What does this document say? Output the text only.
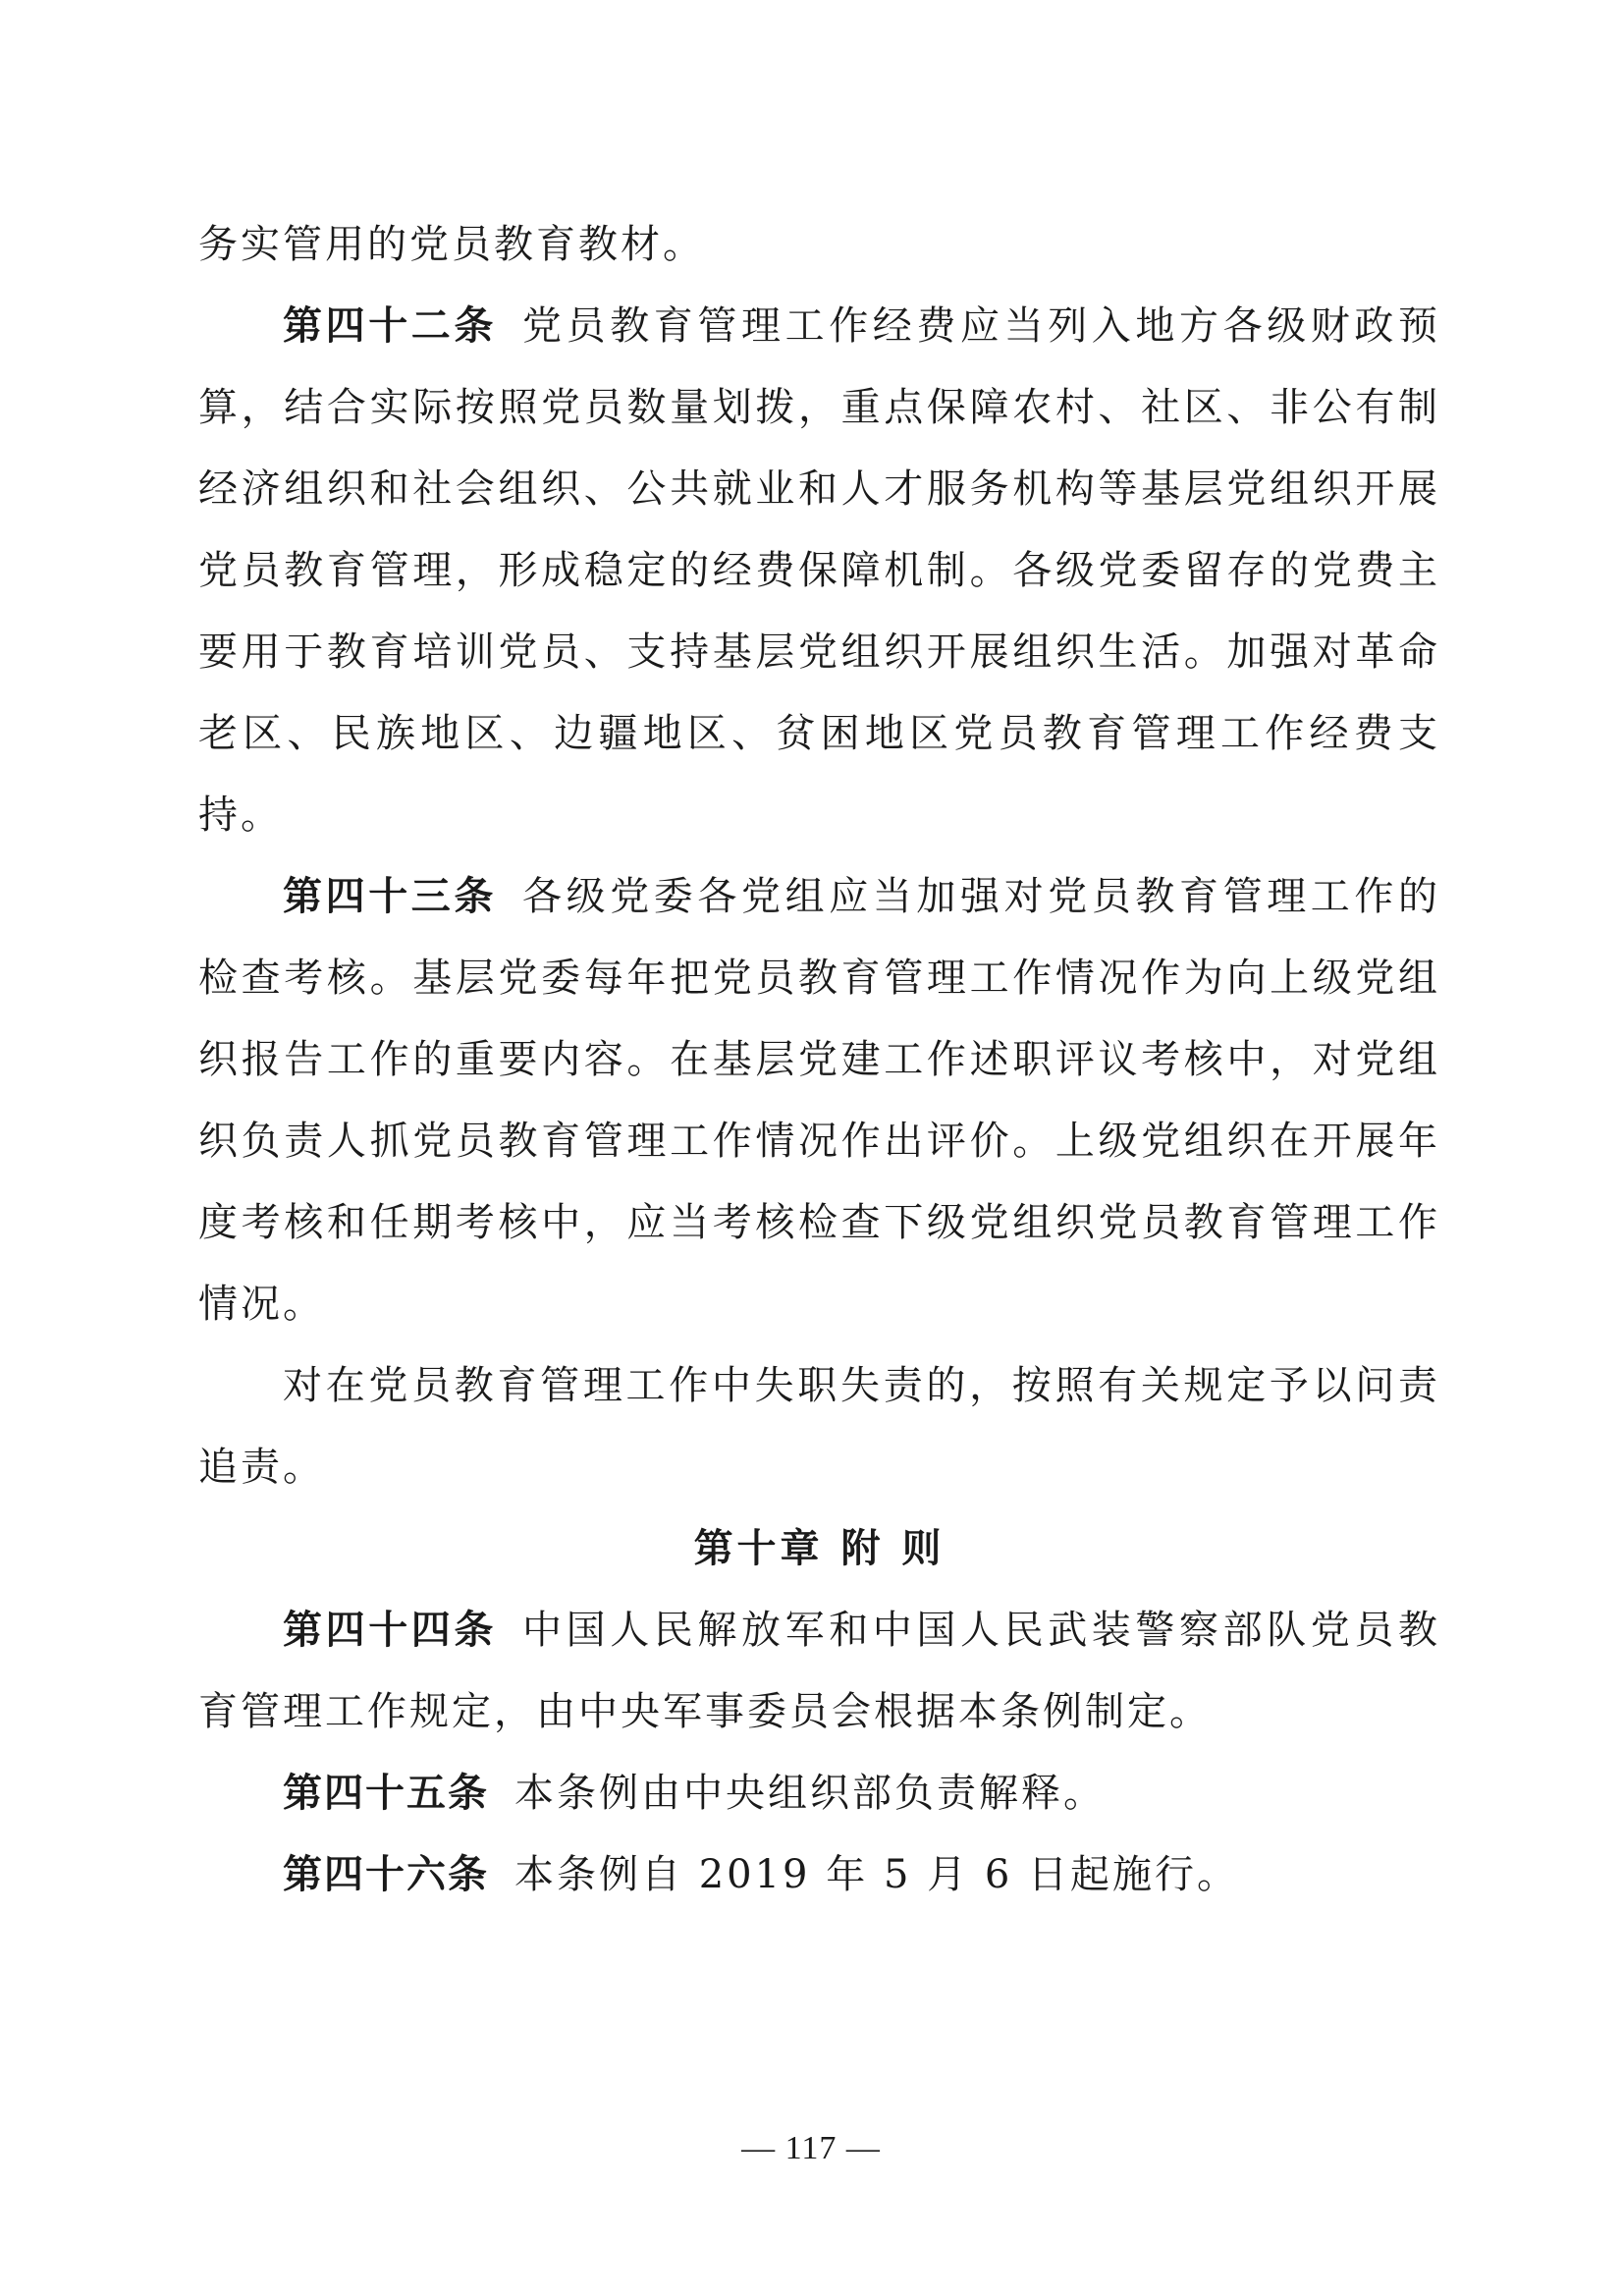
务实管用的党员教育教材。

第四十二条 党员教育管理工作经费应当列入地方各级财政预算，结合实际按照党员数量划拨，重点保障农村、社区、非公有制经济组织和社会组织、公共就业和人才服务机构等基层党组织开展党员教育管理，形成稳定的经费保障机制。各级党委留存的党费主要用于教育培训党员、支持基层党组织开展组织生活。加强对革命老区、民族地区、边疆地区、贫困地区党员教育管理工作经费支持。

第四十三条 各级党委各党组应当加强对党员教育管理工作的检查考核。基层党委每年把党员教育管理工作情况作为向上级党组织报告工作的重要内容。在基层党建工作述职评议考核中，对党组织负责人抓党员教育管理工作情况作出评价。上级党组织在开展年度考核和任期考核中，应当考核检查下级党组织党员教育管理工作情况。

对在党员教育管理工作中失职失责的，按照有关规定予以问责追责。

第十章 附 则

第四十四条 中国人民解放军和中国人民武装警察部队党员教育管理工作规定，由中央军事委员会根据本条例制定。

第四十五条 本条例由中央组织部负责解释。

第四十六条 本条例自 2019 年 5 月 6 日起施行。

— 117 —
